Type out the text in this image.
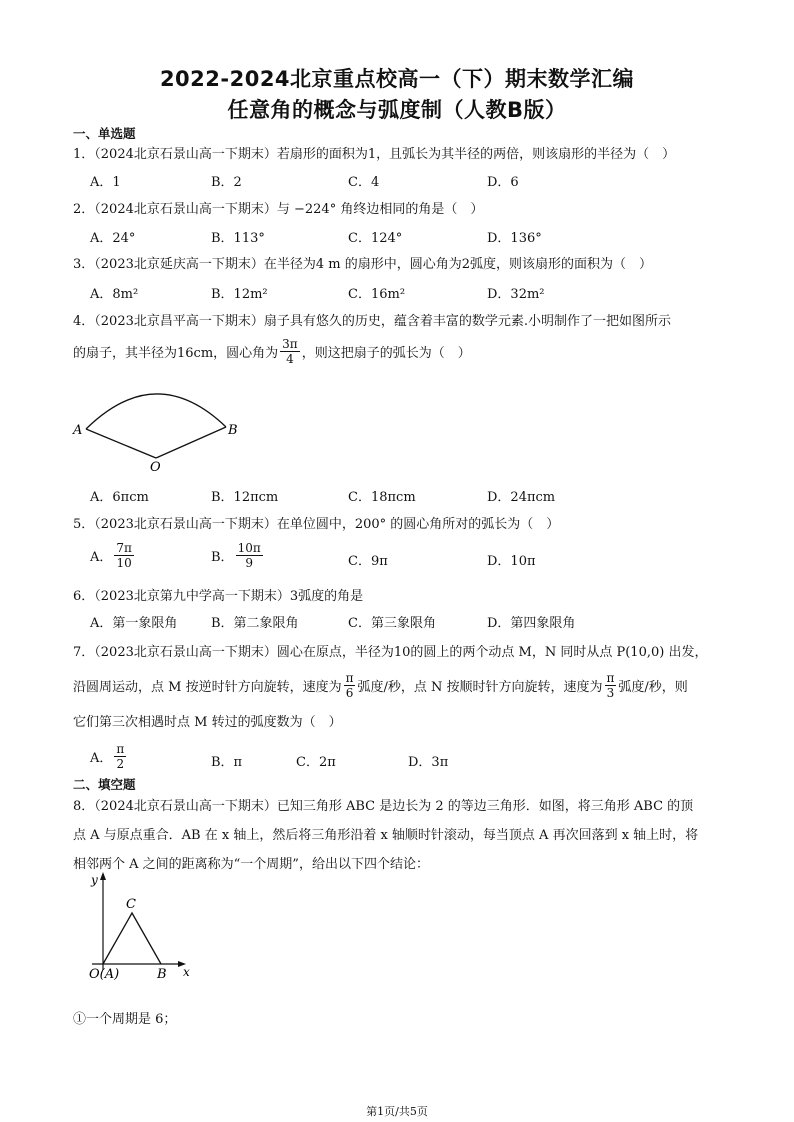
2022-2024北京重点校高一（下）期末数学汇编
任意角的概念与弧度制（人教B版）
一、单选题
1．（2024北京石景山高一下期末）若扇形的面积为1，且弧长为其半径的两倍，则该扇形的半径为（　）
A．1	B．2	C．4	D．6
2．（2024北京石景山高一下期末）与 −224° 角终边相同的角是（　）
A．24°	B．113°	C．124°	D．136°
3．（2023北京延庆高一下期末）在半径为4 m 的扇形中，圆心角为2弧度，则该扇形的面积为（　）
A．8m²	B．12m²	C．16m²	D．32m²
4．（2023北京昌平高一下期末）扇子具有悠久的历史，蕴含着丰富的数学元素.小明制作了一把如图所示
的扇子，其半径为16cm，圆心角为 $\frac{3\pi}{4}$ ，则这把扇子的弧长为（　）
A	B
O
A．6πcm	B．12πcm	C．18πcm	D．24πcm
5．（2023北京石景山高一下期末）在单位圆中，200° 的圆心角所对的弧长为（　）
A． $\frac{7\pi}{10}$	B． $\frac{10\pi}{9}$	C．9π	D．10π
6．（2023北京第九中学高一下期末）3弧度的角是
A．第一象限角	B．第二象限角	C．第三象限角	D．第四象限角
7．（2023北京石景山高一下期末）圆心在原点，半径为10的圆上的两个动点 M，N 同时从点 P(10,0) 出发，
沿圆周运动，点 M 按逆时针方向旋转，速度为 $\frac{\pi}{6}$ 弧度/秒，点 N 按顺时针方向旋转，速度为 $\frac{\pi}{3}$ 弧度/秒，则
它们第三次相遇时点 M 转过的弧度数为（　）
A． $\frac{\pi}{2}$	B．π	C．2π	D．3π
二、填空题
8．（2024北京石景山高一下期末）已知三角形 ABC 是边长为 2 的等边三角形．如图，将三角形 ABC 的顶
点 A 与原点重合．AB 在 x 轴上，然后将三角形沿着 x 轴顺时针滚动，每当顶点 A 再次回落到 x 轴上时，将
相邻两个 A 之间的距离称为“一个周期”，给出以下四个结论：
y
x
C
O(A)	B
①一个周期是 6；
第1页/共5页
